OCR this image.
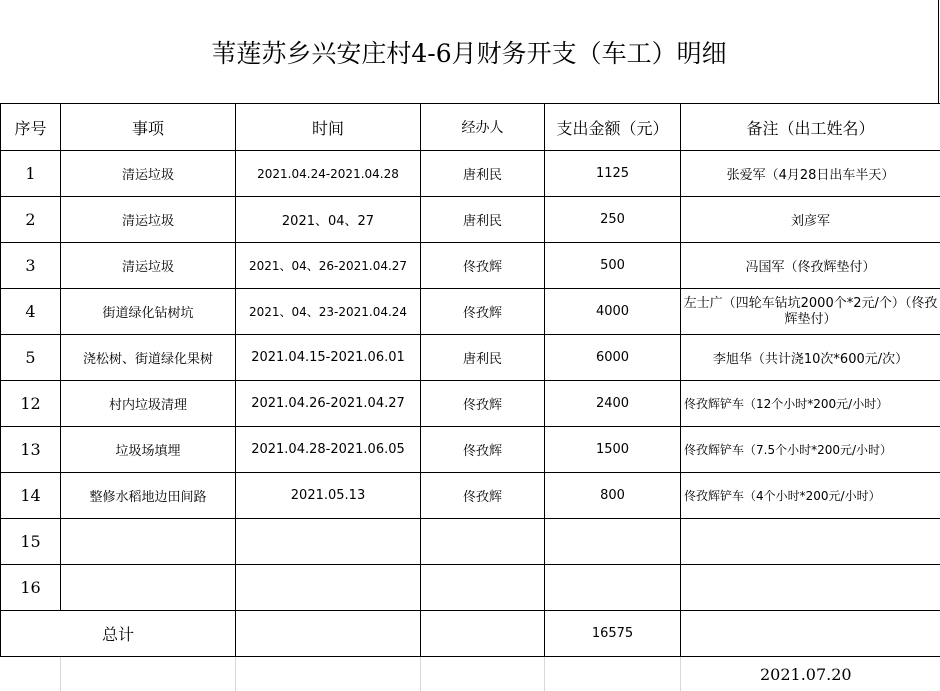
苇莲苏乡兴安庄村4-6月财务开支（车工）明细
序号	事项	时间	经办人	支出金额（元）	备注（出工姓名）
1	清运垃圾	2021.04.24-2021.04.28	唐利民	1125	张爱军（4月28日出车半天）
2	清运垃圾	2021、04、27	唐利民	250	刘彦军
3	清运垃圾	2021、04、26-2021.04.27	佟孜辉	500	冯国军（佟孜辉垫付）
4	街道绿化钻树坑	2021、04、23-2021.04.24	佟孜辉	4000	左士广（四轮车钻坑2000个*2元/个）（佟孜辉垫付）
5	浇松树、街道绿化果树	2021.04.15-2021.06.01	唐利民	6000	李旭华（共计浇10次*600元/次）
12	村内垃圾清理	2021.04.26-2021.04.27	佟孜辉	2400	佟孜辉铲车（12个小时*200元/小时）
13	垃圾场填埋	2021.04.28-2021.06.05	佟孜辉	1500	佟孜辉铲车（7.5个小时*200元/小时）
14	整修水稻地边田间路	2021.05.13	佟孜辉	800	佟孜辉铲车（4个小时*200元/小时）
15					
16					
总计				16575	
2021.07.20
